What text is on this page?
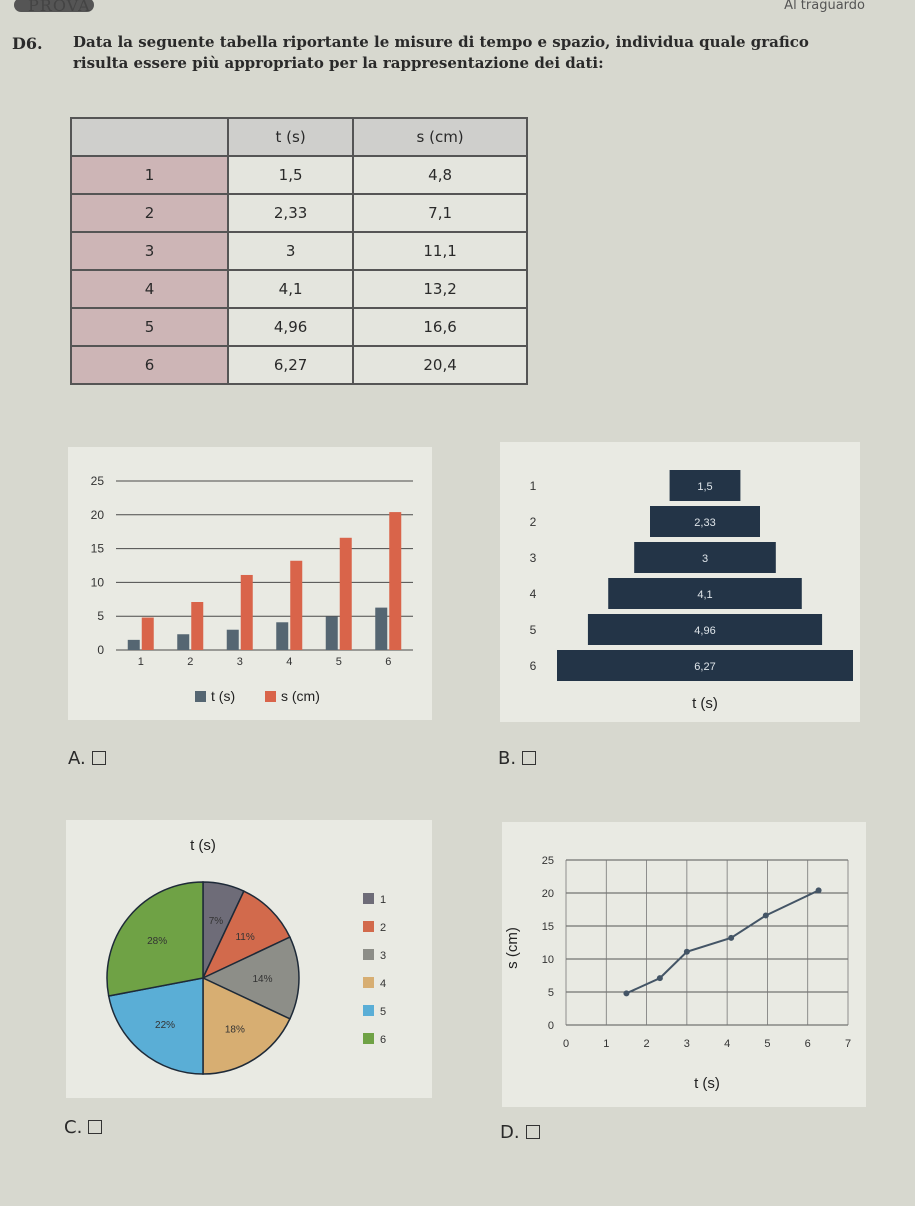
PROVA	Al traguardo
D6. Data la seguente tabella riportante le misure di tempo e spazio, individua quale grafico risulta essere più appropriato per la rappresentazione dei dati:
	t (s)	s (cm)
1	1,5	4,8
2	2,33	7,1
3	3	11,1
4	4,1	13,2
5	4,96	16,6
6	6,27	20,4
0
5
10
15
20
25
1	2	3	4	5	6
t (s)	s (cm)
A.
1,5
1
2,33
2
3
3
4,1
4
4,96
5
6,27
6
t (s)
B.
t (s)
7%
11%
14%
18%
22%
28%
1
2
3
4
5
6
C.
0
5
10
15
20
25
0	1	2	3	4	5	6	7
s (cm)
t (s)
D.
